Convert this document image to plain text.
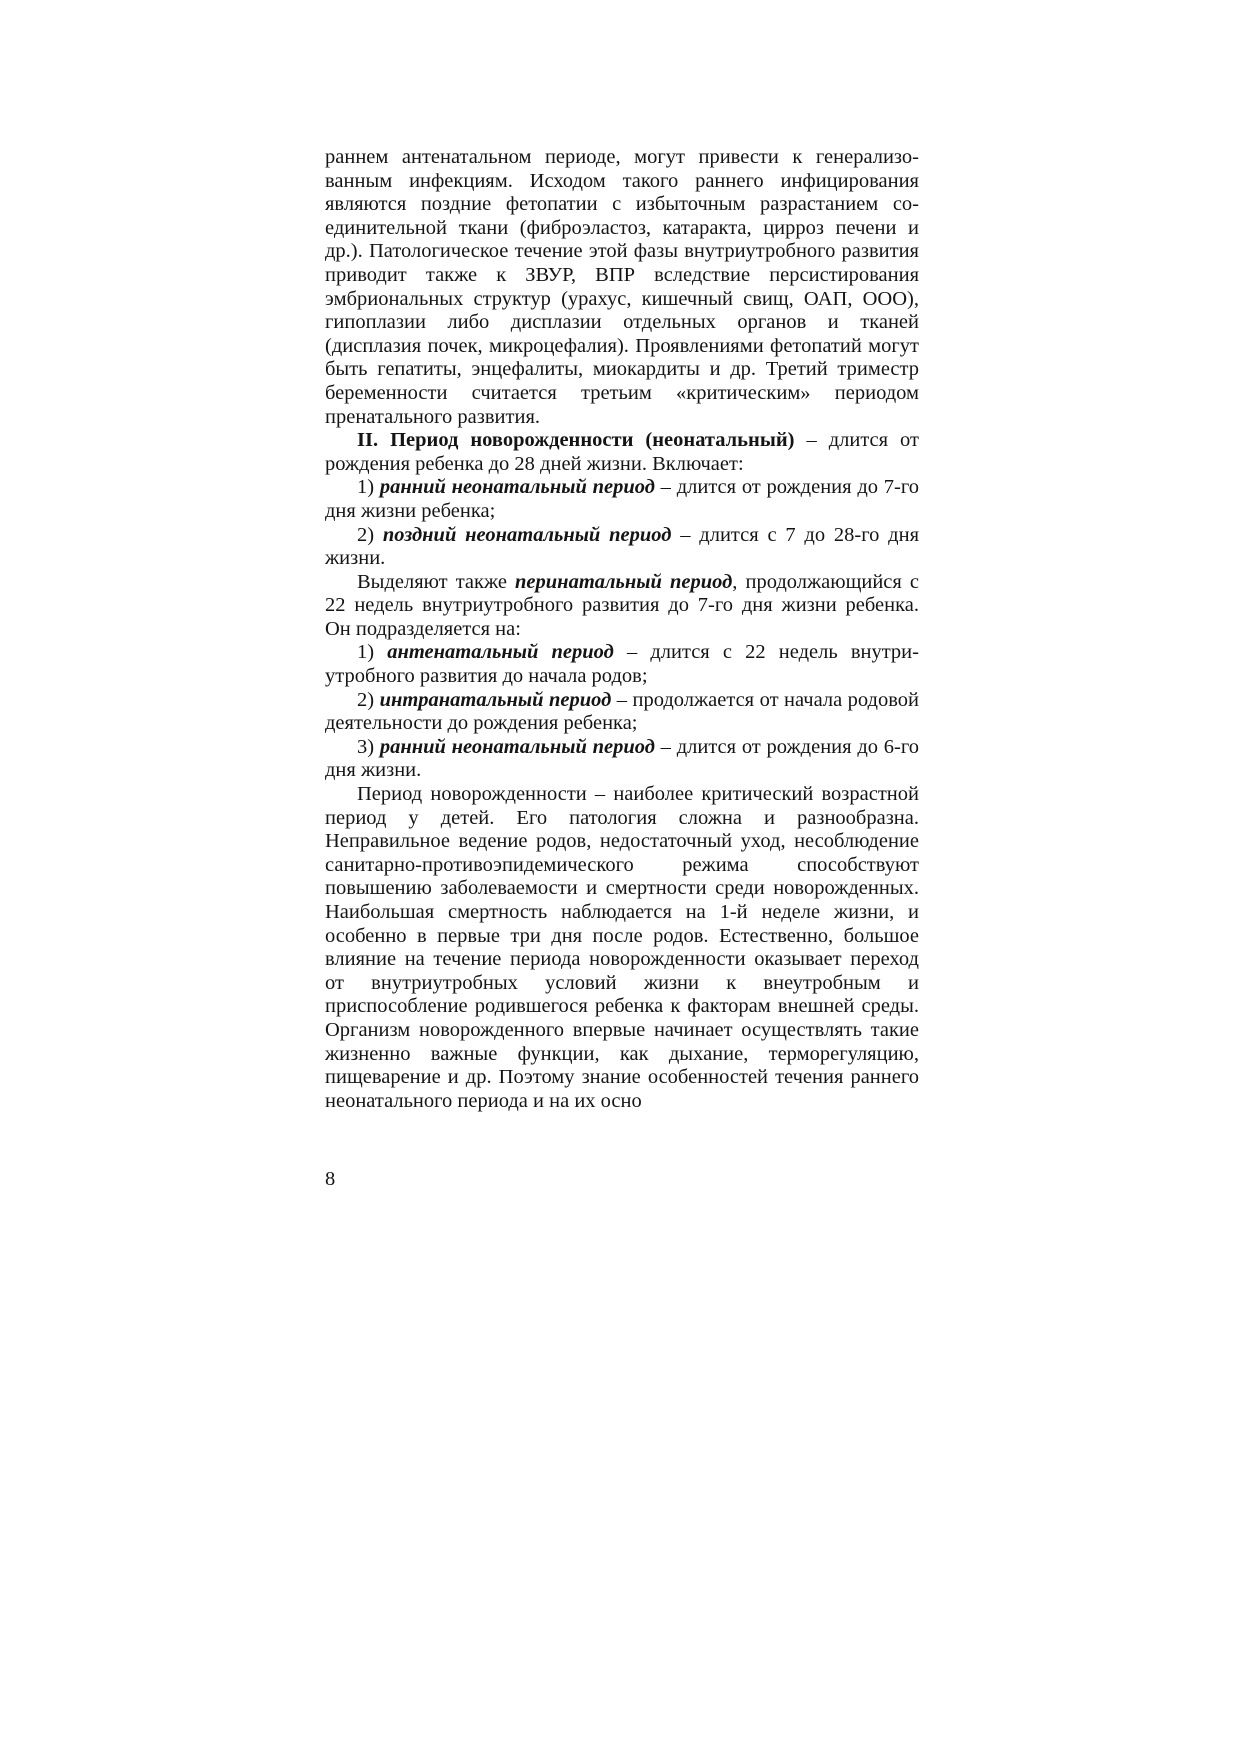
раннем антенатальном периоде, могут привести к генерализованным инфекциям. Исходом такого раннего инфицирования являются поздние фетопатии с избыточным разрастанием соединительной ткани (фиброэластоз, катаракта, цирроз печени и др.). Патологическое течение этой фазы внутриутробного развития приводит также к ЗВУР, ВПР вследствие персистирования эмбриональных структур (урахус, кишечный свищ, ОАП, ООО), гипоплазии либо дисплазии отдельных органов и тканей (дисплазия почек, микроцефалия). Проявлениями фетопатий могут быть гепатиты, энцефалиты, миокардиты и др. Третий триместр беременности считается третьим «критическим» периодом пренатального развития.

II. Период новорожденности (неонатальный) – длится от рождения ребенка до 28 дней жизни. Включает:

1) ранний неонатальный период – длится от рождения до 7-го дня жизни ребенка;

2) поздний неонатальный период – длится с 7 до 28-го дня жизни.

Выделяют также перинатальный период, продолжающийся с 22 недель внутриутробного развития до 7-го дня жизни ребенка. Он подразделяется на:

1) антенатальный период – длится с 22 недель внутриутробного развития до начала родов;

2) интранатальный период – продолжается от начала родовой деятельности до рождения ребенка;

3) ранний неонатальный период – длится от рождения до 6-го дня жизни.

Период новорожденности – наиболее критический возрастной период у детей. Его патология сложна и разнообразна. Неправильное ведение родов, недостаточный уход, несоблюдение санитарно-противоэпидемического режима способствуют повышению заболеваемости и смертности среди новорожденных. Наибольшая смертность наблюдается на 1-й неделе жизни, и особенно в первые три дня после родов. Естественно, большое влияние на течение периода новорожденности оказывает переход от внутриутробных условий жизни к внеутробным и приспособление родившегося ребенка к факторам внешней среды. Организм новорожденного впервые начинает осуществлять такие жизненно важные функции, как дыхание, терморегуляцию, пищеварение и др. Поэтому знание особенностей течения раннего неонатального периода и на их осно

8
